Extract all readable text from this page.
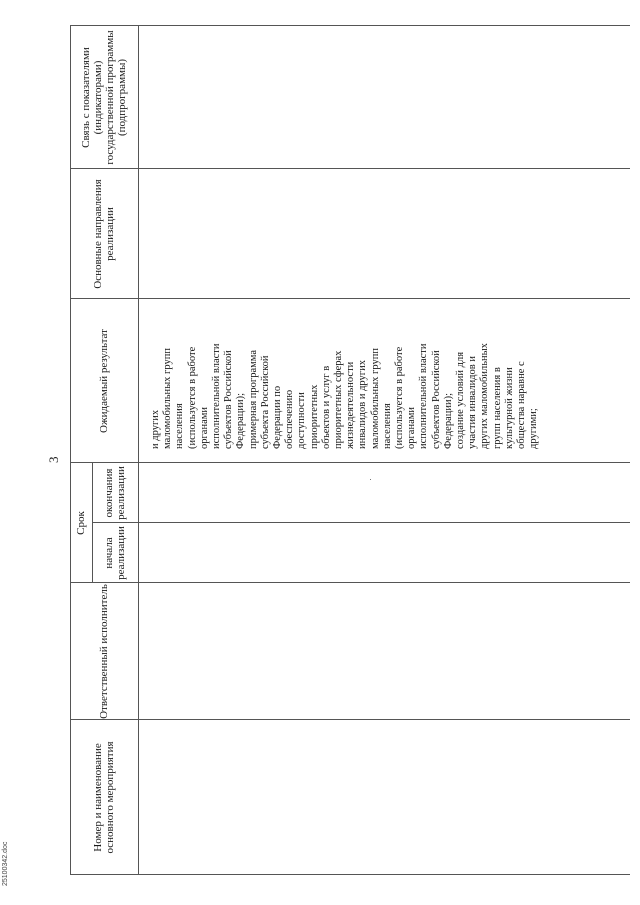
3
Номер и наименование основного мероприятия
Ответственный исполнитель
Срок
начала реализации
окончания реализации
Ожидаемый результат
Основные направления реализации
Связь с показателями (индикаторами) государственной программы (подпрограммы)
и других
маломобильных групп
населения
(используется в работе
органами
исполнительной власти
субъектов Российской
Федерации);
примерная программа
субъекта Российской
Федерации по
обеспечению
доступности
приоритетных
объектов и услуг в
приоритетных сферах
жизнедеятельности
инвалидов и других
маломобильных групп
населения
(используется в работе
органами
исполнительной власти
субъектов Российской
Федерации);
создание условий для
участия инвалидов и
других маломобильных
групп населения в
культурной жизни
общества наравне с
другими;
25100342.doc
